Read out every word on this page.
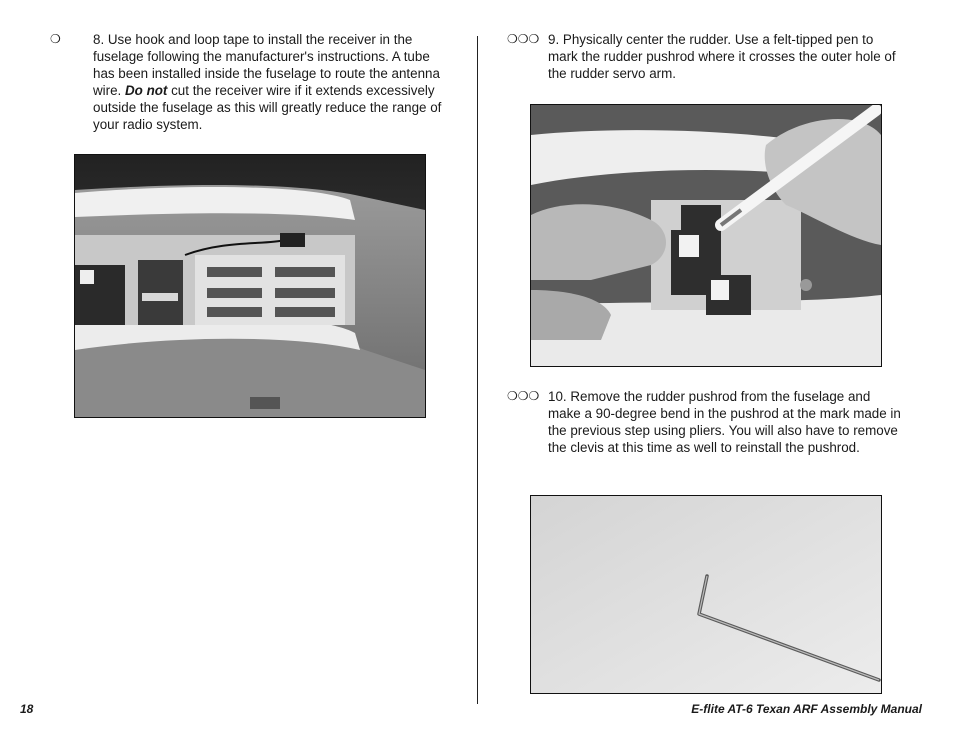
❍	8. Use hook and loop tape to install the receiver in the fuselage following the manufacturer's instructions. A tube has been installed inside the fuselage to route the antenna wire. Do not cut the receiver wire if it extends excessively outside the fuselage as this will greatly reduce the range of your radio system.
❍❍❍ 9. Physically center the rudder. Use a felt-tipped pen to mark the rudder pushrod where it crosses the outer hole of the rudder servo arm.
❍❍❍ 10. Remove the rudder pushrod from the fuselage and make a 90-degree bend in the pushrod at the mark made in the previous step using pliers. You will also have to remove the clevis at this time as well to reinstall the pushrod.
18	E-flite AT-6 Texan ARF Assembly Manual
